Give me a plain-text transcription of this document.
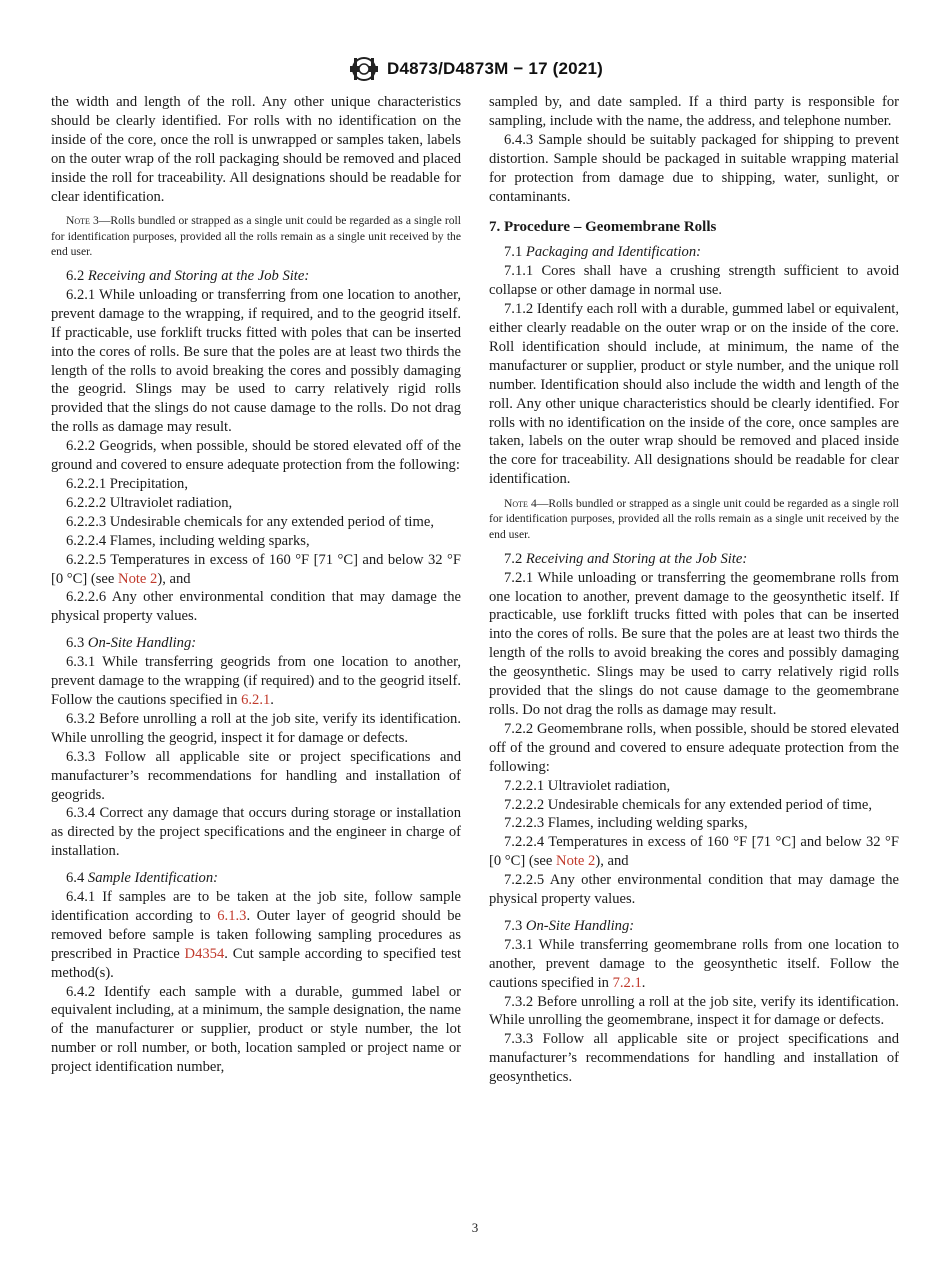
D4873/D4873M − 17 (2021)

the width and length of the roll. Any other unique characteristics should be clearly identified. For rolls with no identification on the inside of the core, once the roll is unwrapped or samples taken, labels on the outer wrap of the roll packaging should be removed and placed inside the roll for traceability. All designations should be readable for clear identification.

Note 3—Rolls bundled or strapped as a single unit could be regarded as a single roll for identification purposes, provided all the rolls remain as a single unit received by the end user.

6.2 Receiving and Storing at the Job Site:

6.2.1 While unloading or transferring from one location to another, prevent damage to the wrapping, if required, and to the geogrid itself. If practicable, use forklift trucks fitted with poles that can be inserted into the cores of rolls. Be sure that the poles are at least two thirds the length of the rolls to avoid breaking the cores and possibly damaging the geogrid. Slings may be used to carry relatively rigid rolls provided that the slings do not cause damage to the rolls. Do not drag the rolls as damage may result.

6.2.2 Geogrids, when possible, should be stored elevated off of the ground and covered to ensure adequate protection from the following:

6.2.2.1 Precipitation,

6.2.2.2 Ultraviolet radiation,

6.2.2.3 Undesirable chemicals for any extended period of time,

6.2.2.4 Flames, including welding sparks,

6.2.2.5 Temperatures in excess of 160 °F [71 °C] and below 32 °F [0 °C] (see Note 2), and

6.2.2.6 Any other environmental condition that may damage the physical property values.

6.3 On-Site Handling:

6.3.1 While transferring geogrids from one location to another, prevent damage to the wrapping (if required) and to the geogrid itself. Follow the cautions specified in 6.2.1.

6.3.2 Before unrolling a roll at the job site, verify its identification. While unrolling the geogrid, inspect it for damage or defects.

6.3.3 Follow all applicable site or project specifications and manufacturer’s recommendations for handling and installation of geogrids.

6.3.4 Correct any damage that occurs during storage or installation as directed by the project specifications and the engineer in charge of installation.

6.4 Sample Identification:

6.4.1 If samples are to be taken at the job site, follow sample identification according to 6.1.3. Outer layer of geogrid should be removed before sample is taken following sampling procedures as prescribed in Practice D4354. Cut sample according to specified test method(s).

6.4.2 Identify each sample with a durable, gummed label or equivalent including, at a minimum, the sample designation, the name of the manufacturer or supplier, product or style number, the lot number or roll number, or both, location sampled or project name or project identification number,

sampled by, and date sampled. If a third party is responsible for sampling, include with the name, the address, and telephone number.

6.4.3 Sample should be suitably packaged for shipping to prevent distortion. Sample should be packaged in suitable wrapping material for protection from damage due to shipping, water, sunlight, or contaminants.

7. Procedure – Geomembrane Rolls

7.1 Packaging and Identification:

7.1.1 Cores shall have a crushing strength sufficient to avoid collapse or other damage in normal use.

7.1.2 Identify each roll with a durable, gummed label or equivalent, either clearly readable on the outer wrap or on the inside of the core. Roll identification should include, at minimum, the name of the manufacturer or supplier, product or style number, and the unique roll number. Identification should also include the width and length of the roll. Any other unique characteristics should be clearly identified. For rolls with no identification on the inside of the core, once samples are taken, labels on the outer wrap should be removed and placed inside the core for traceability. All designations should be readable for clear identification.

Note 4—Rolls bundled or strapped as a single unit could be regarded as a single roll for identification purposes, provided all the rolls remain as a single unit received by the end user.

7.2 Receiving and Storing at the Job Site:

7.2.1 While unloading or transferring the geomembrane rolls from one location to another, prevent damage to the geosynthetic itself. If practicable, use forklift trucks fitted with poles that can be inserted into the cores of rolls. Be sure that the poles are at least two thirds the length of the rolls to avoid breaking the cores and possibly damaging the geosynthetic. Slings may be used to carry relatively rigid rolls provided that the slings do not cause damage to the geomembrane rolls. Do not drag the rolls as damage may result.

7.2.2 Geomembrane rolls, when possible, should be stored elevated off of the ground and covered to ensure adequate protection from the following:

7.2.2.1 Ultraviolet radiation,

7.2.2.2 Undesirable chemicals for any extended period of time,

7.2.2.3 Flames, including welding sparks,

7.2.2.4 Temperatures in excess of 160 °F [71 °C] and below 32 °F [0 °C] (see Note 2), and

7.2.2.5 Any other environmental condition that may damage the physical property values.

7.3 On-Site Handling:

7.3.1 While transferring geomembrane rolls from one location to another, prevent damage to the geosynthetic itself. Follow the cautions specified in 7.2.1.

7.3.2 Before unrolling a roll at the job site, verify its identification. While unrolling the geomembrane, inspect it for damage or defects.

7.3.3 Follow all applicable site or project specifications and manufacturer’s recommendations for handling and installation of geosynthetics.

3
